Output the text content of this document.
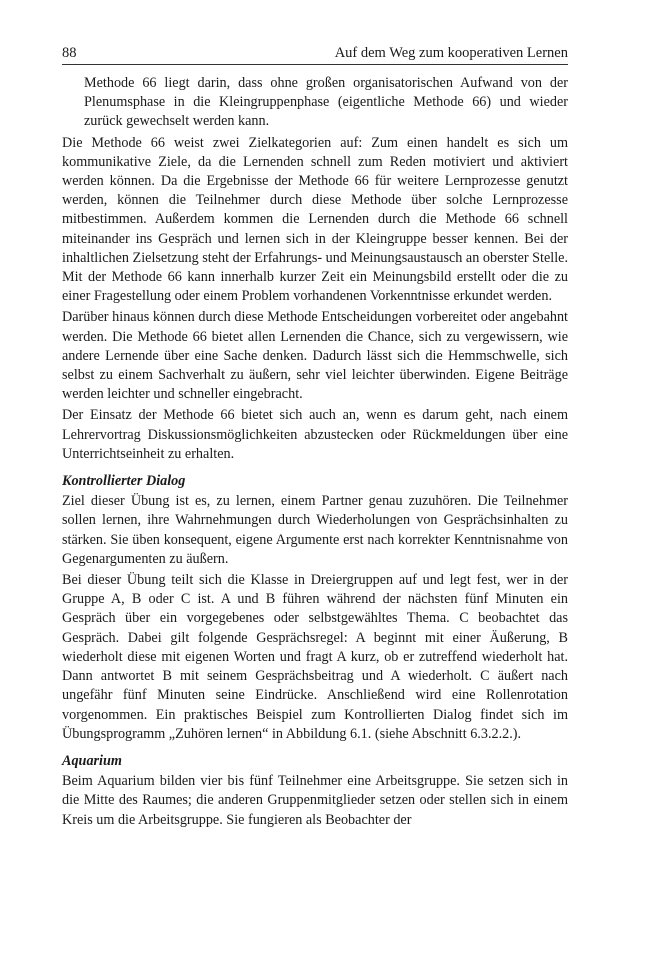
88	Auf dem Weg zum kooperativen Lernen

Methode 66 liegt darin, dass ohne großen organisatorischen Aufwand von der Plenumsphase in die Kleingruppenphase (eigentliche Methode 66) und wieder zurück gewechselt werden kann.

Die Methode 66 weist zwei Zielkategorien auf: Zum einen handelt es sich um kommunikative Ziele, da die Lernenden schnell zum Reden motiviert und aktiviert werden können. Da die Ergebnisse der Methode 66 für weitere Lernprozesse genutzt werden, können die Teilnehmer durch diese Methode über solche Lernprozesse mitbestimmen. Außerdem kommen die Lernenden durch die Methode 66 schnell miteinander ins Gespräch und lernen sich in der Kleingruppe besser kennen. Bei der inhaltlichen Zielsetzung steht der Erfahrungs- und Meinungsaustausch an oberster Stelle. Mit der Methode 66 kann innerhalb kurzer Zeit ein Meinungsbild erstellt oder die zu einer Fragestellung oder einem Problem vorhandenen Vorkenntnisse erkundet werden.

Darüber hinaus können durch diese Methode Entscheidungen vorbereitet oder angebahnt werden. Die Methode 66 bietet allen Lernenden die Chance, sich zu vergewissern, wie andere Lernende über eine Sache denken. Dadurch lässt sich die Hemmschwelle, sich selbst zu einem Sachverhalt zu äußern, sehr viel leichter überwinden. Eigene Beiträge werden leichter und schneller eingebracht.

Der Einsatz der Methode 66 bietet sich auch an, wenn es darum geht, nach einem Lehrervortrag Diskussionsmöglichkeiten abzustecken oder Rückmeldungen über eine Unterrichtseinheit zu erhalten.

Kontrollierter Dialog

Ziel dieser Übung ist es, zu lernen, einem Partner genau zuzuhören. Die Teilnehmer sollen lernen, ihre Wahrnehmungen durch Wiederholungen von Gesprächsinhalten zu stärken. Sie üben konsequent, eigene Argumente erst nach korrekter Kenntnisnahme von Gegenargumenten zu äußern.

Bei dieser Übung teilt sich die Klasse in Dreiergruppen auf und legt fest, wer in der Gruppe A, B oder C ist. A und B führen während der nächsten fünf Minuten ein Gespräch über ein vorgegebenes oder selbstgewähltes Thema. C beobachtet das Gespräch. Dabei gilt folgende Gesprächsregel: A beginnt mit einer Äußerung, B wiederholt diese mit eigenen Worten und fragt A kurz, ob er zutreffend wiederholt hat. Dann antwortet B mit seinem Gesprächsbeitrag und A wiederholt. C äußert nach ungefähr fünf Minuten seine Eindrücke. Anschließend wird eine Rollenrotation vorgenommen. Ein praktisches Beispiel zum Kontrollierten Dialog findet sich im Übungsprogramm „Zuhören lernen“ in Abbildung 6.1. (siehe Abschnitt 6.3.2.2.).

Aquarium

Beim Aquarium bilden vier bis fünf Teilnehmer eine Arbeitsgruppe. Sie setzen sich in die Mitte des Raumes; die anderen Gruppenmitglieder setzen oder stellen sich in einem Kreis um die Arbeitsgruppe. Sie fungieren als Beobachter der
